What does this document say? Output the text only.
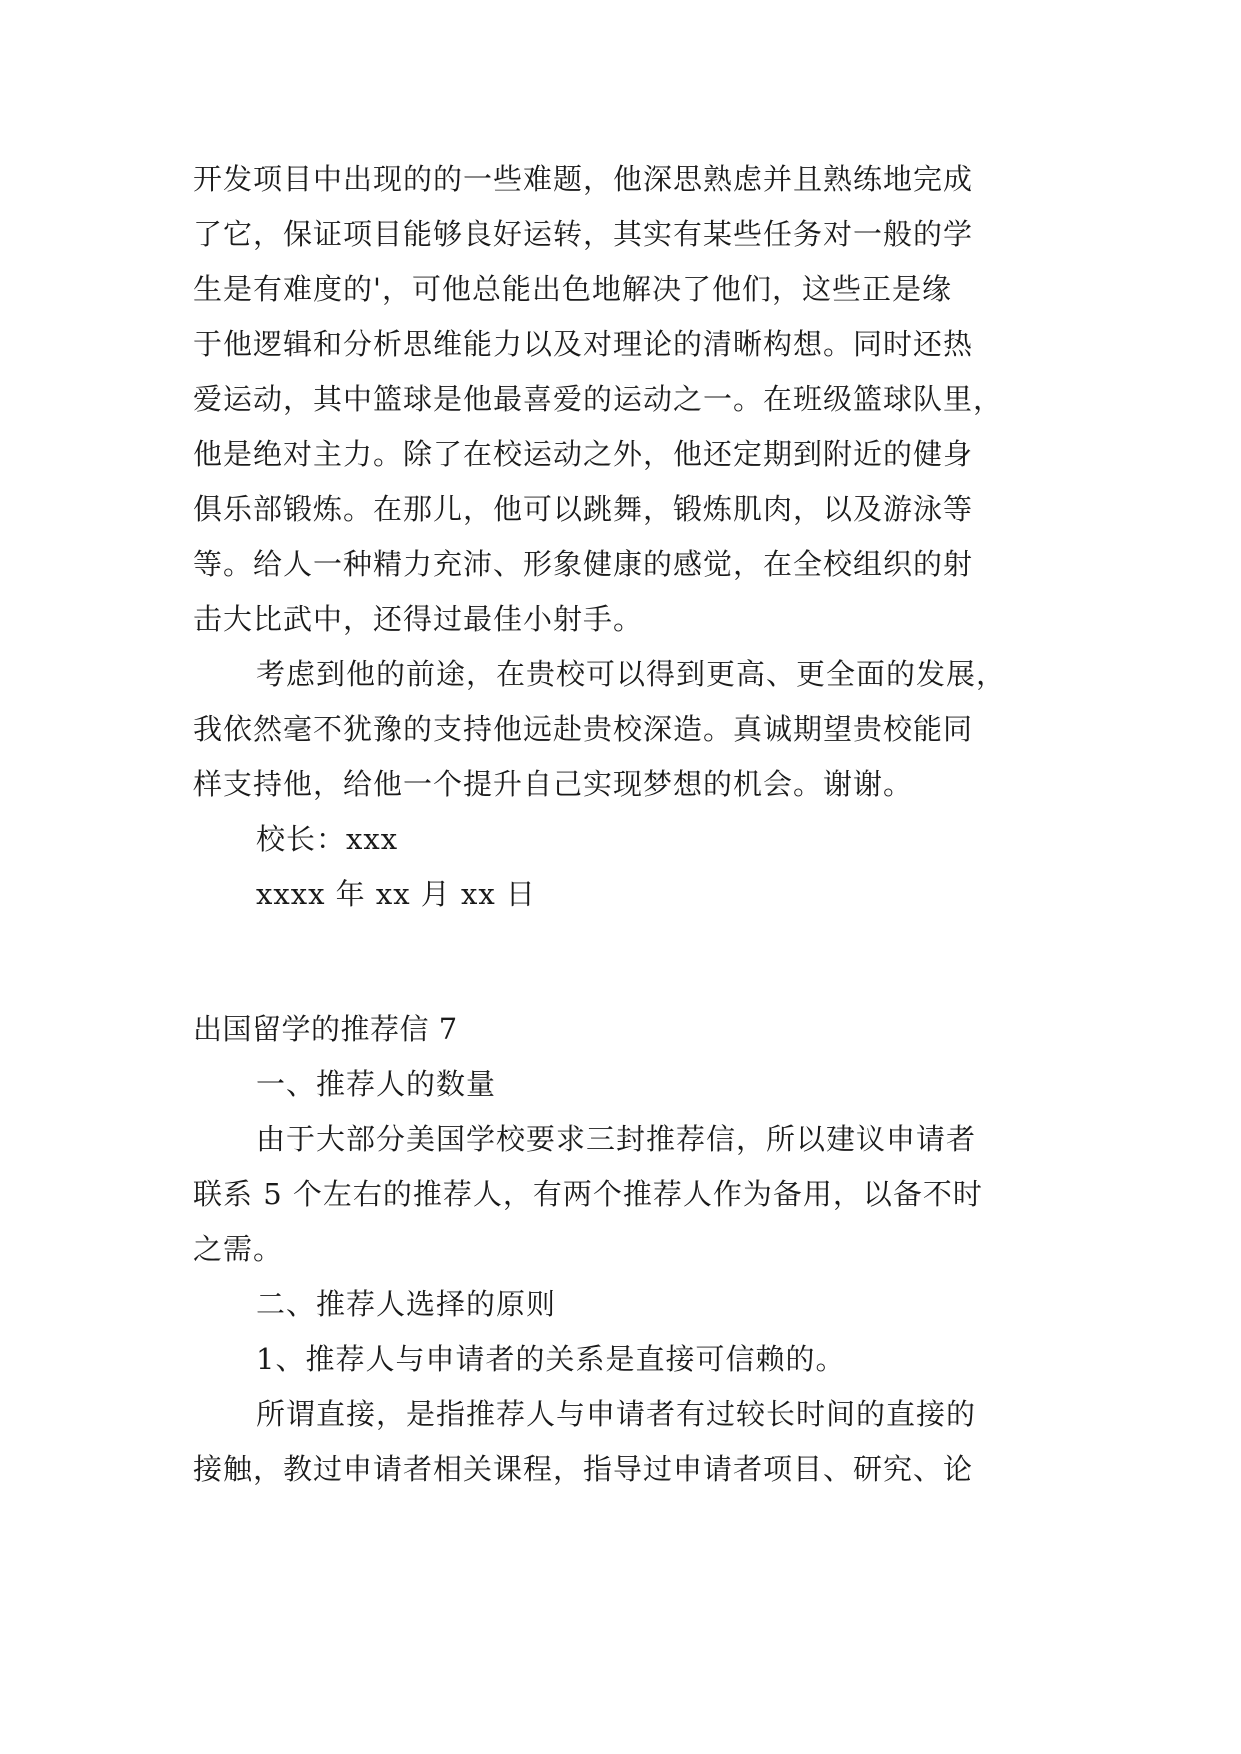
开发项目中出现的的一些难题，他深思熟虑并且熟练地完成
了它，保证项目能够良好运转，其实有某些任务对一般的学
生是有难度的'，可他总能出色地解决了他们，这些正是缘
于他逻辑和分析思维能力以及对理论的清晰构想。同时还热
爱运动，其中篮球是他最喜爱的运动之一。在班级篮球队里，
他是绝对主力。除了在校运动之外，他还定期到附近的健身
俱乐部锻炼。在那儿，他可以跳舞，锻炼肌肉，以及游泳等
等。给人一种精力充沛、形象健康的感觉，在全校组织的射
击大比武中，还得过最佳小射手。
考虑到他的前途，在贵校可以得到更高、更全面的发展，
我依然毫不犹豫的支持他远赴贵校深造。真诚期望贵校能同
样支持他，给他一个提升自己实现梦想的机会。谢谢。
校长：xxx
xxxx 年 xx 月 xx 日
出国留学的推荐信 7
一、推荐人的数量
由于大部分美国学校要求三封推荐信，所以建议申请者
联系 5 个左右的推荐人，有两个推荐人作为备用，以备不时
之需。
二、推荐人选择的原则
1、推荐人与申请者的关系是直接可信赖的。
所谓直接，是指推荐人与申请者有过较长时间的直接的
接触，教过申请者相关课程，指导过申请者项目、研究、论
